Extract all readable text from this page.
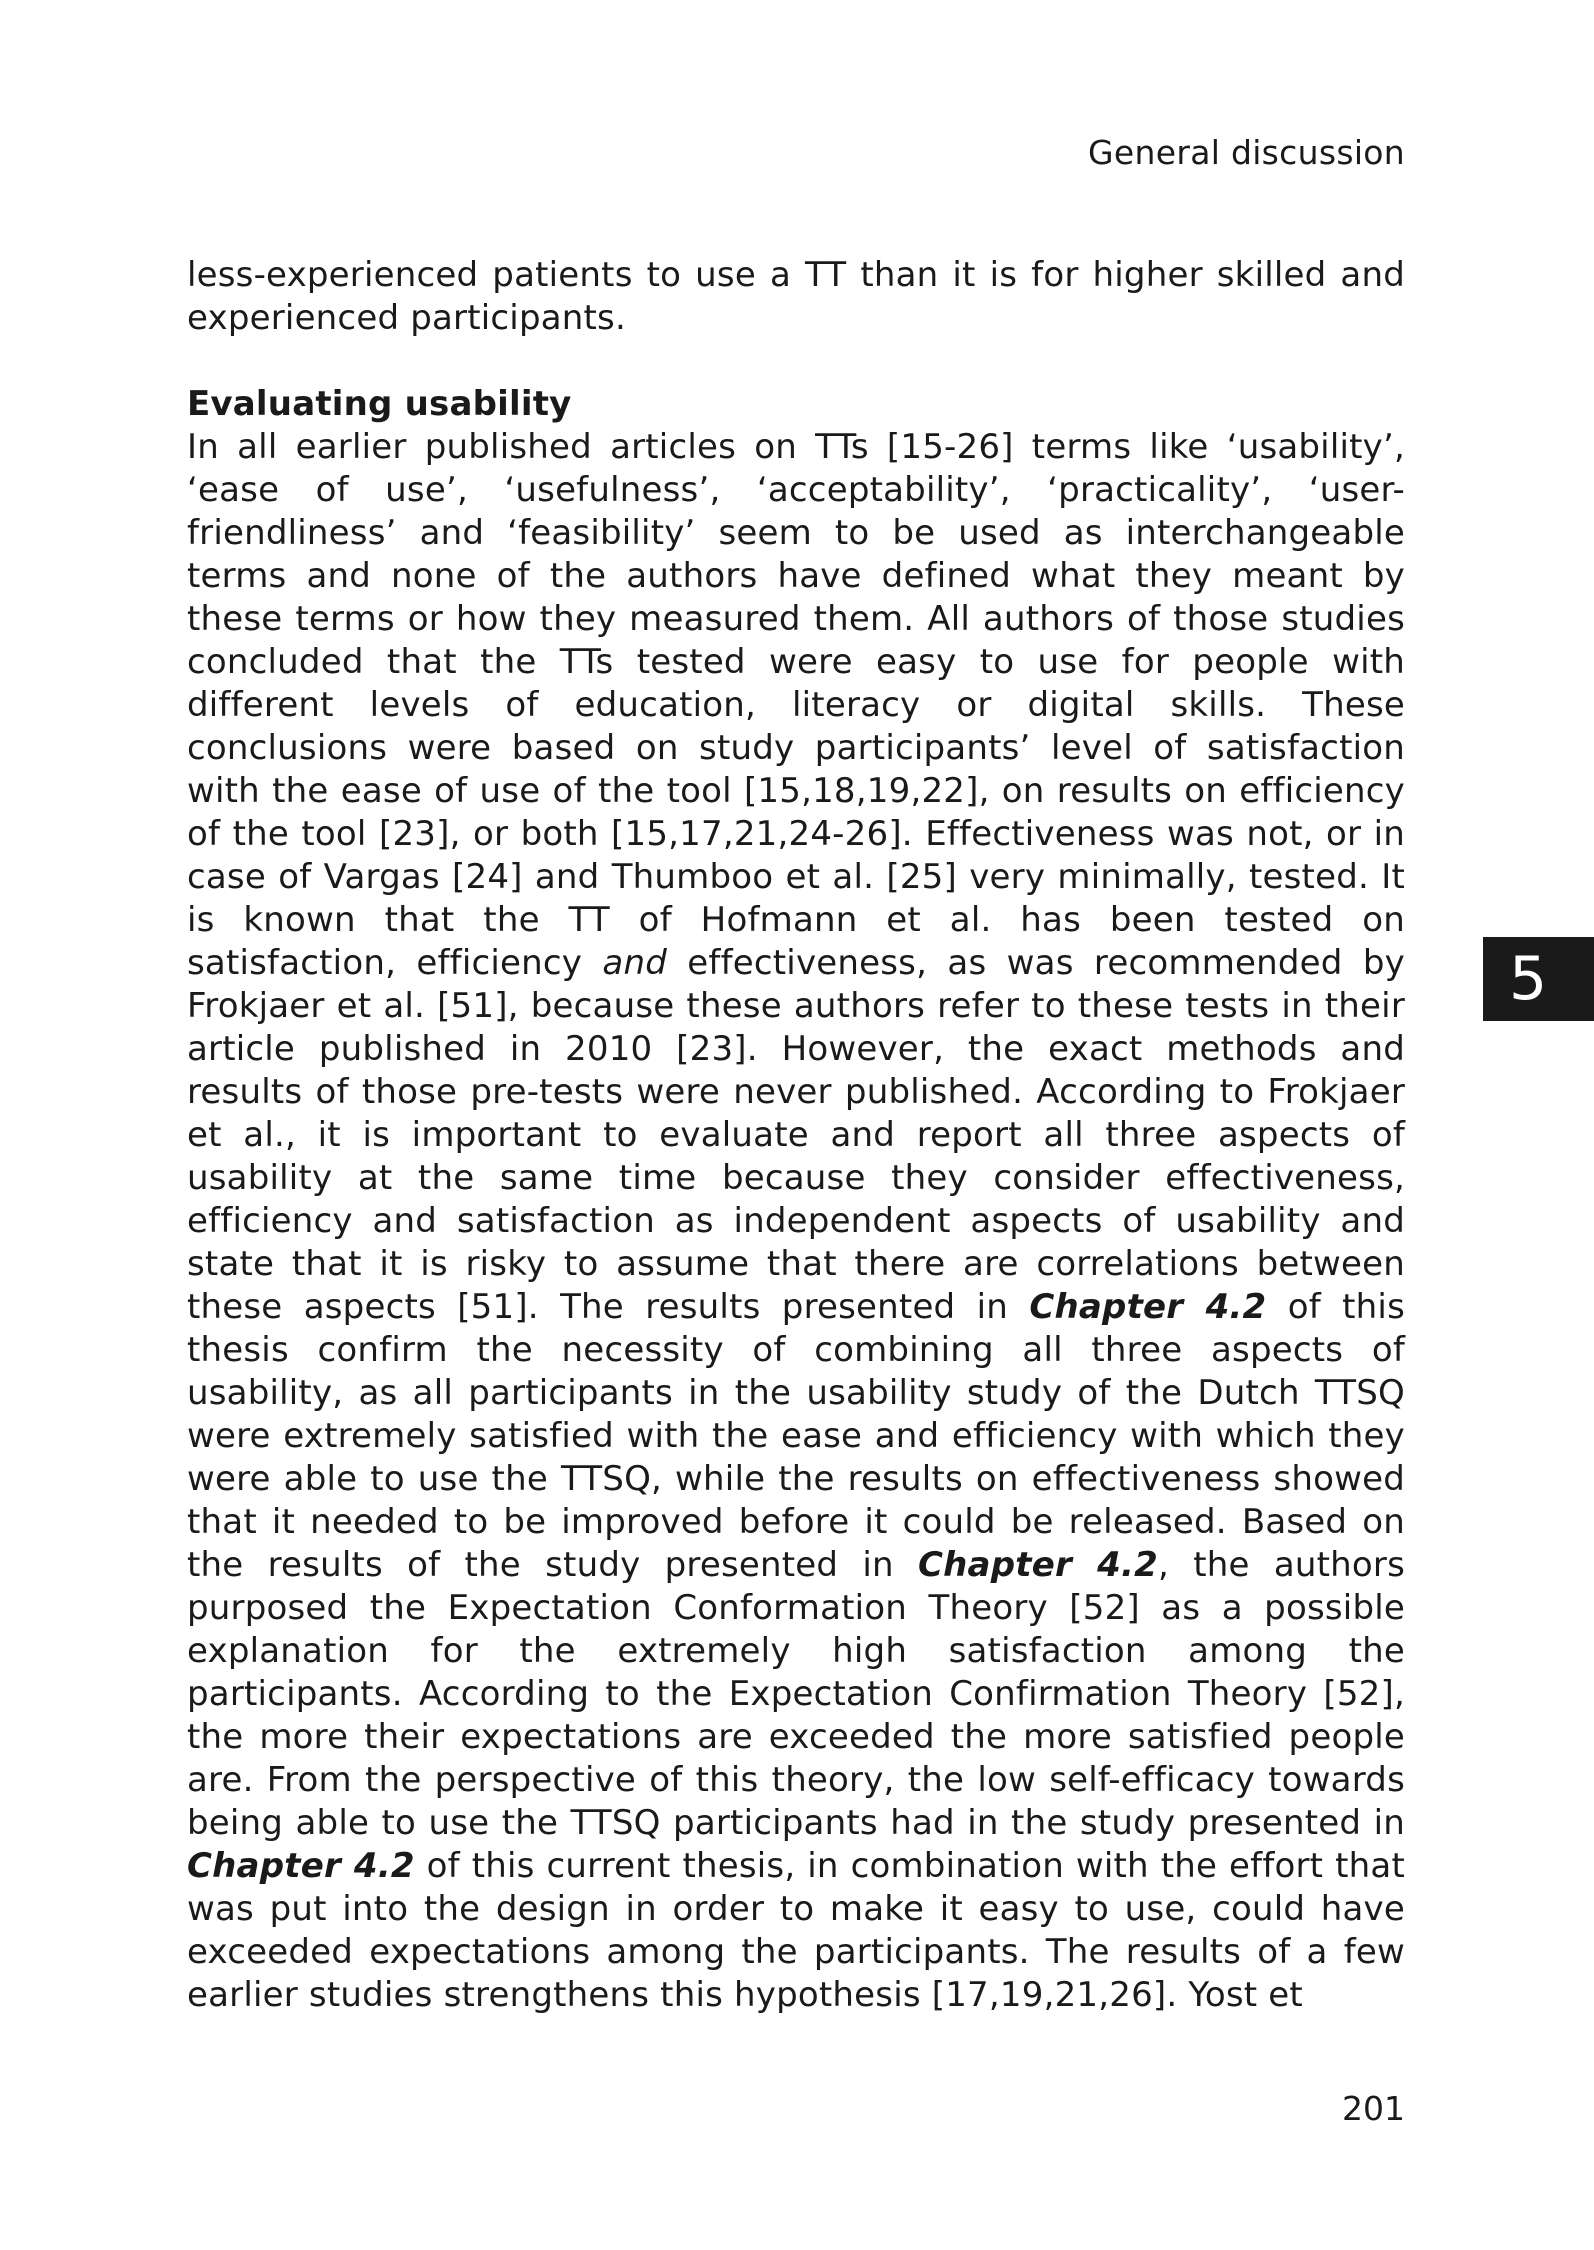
General discussion
5

less-experienced patients to use a TT than it is for higher skilled and experienced participants.

Evaluating usability

In all earlier published articles on TTs [15-26] terms like ‘usability’, ‘ease of use’, ‘usefulness’, ‘acceptability’, ‘practicality’, ‘user-friendliness’ and ‘feasibility’ seem to be used as interchangeable terms and none of the authors have defined what they meant by these terms or how they measured them. All authors of those studies concluded that the TTs tested were easy to use for people with different levels of education, literacy or digital skills. These conclusions were based on study participants’ level of satisfaction with the ease of use of the tool [15,18,19,22], on results on efficiency of the tool [23], or both [15,17,21,24-26]. Effectiveness was not, or in case of Vargas [24] and Thumboo et al. [25] very minimally, tested. It is known that the TT of Hofmann et al. has been tested on satisfaction, efficiency and effectiveness, as was recommended by Frokjaer et al. [51], because these authors refer to these tests in their article published in 2010 [23]. However, the exact methods and results of those pre-tests were never published. According to Frokjaer et al., it is important to evaluate and report all three aspects of usability at the same time because they consider effectiveness, efficiency and satisfaction as independent aspects of usability and state that it is risky to assume that there are correlations between these aspects [51]. The results presented in Chapter 4.2 of this thesis confirm the necessity of combining all three aspects of usability, as all participants in the usability study of the Dutch TTSQ were extremely satisfied with the ease and efficiency with which they were able to use the TTSQ, while the results on effectiveness showed that it needed to be improved before it could be released. Based on the results of the study presented in Chapter 4.2, the authors purposed the Expectation Conformation Theory [52] as a possible explanation for the extremely high satisfaction among the participants. According to the Expectation Confirmation Theory [52], the more their expectations are exceeded the more satisfied people are. From the perspective of this theory, the low self-efficacy towards being able to use the TTSQ participants had in the study presented in Chapter 4.2 of this current thesis, in combination with the effort that was put into the design in order to make it easy to use, could have exceeded expectations among the participants. The results of a few earlier studies strengthens this hypothesis [17,19,21,26]. Yost et

201
